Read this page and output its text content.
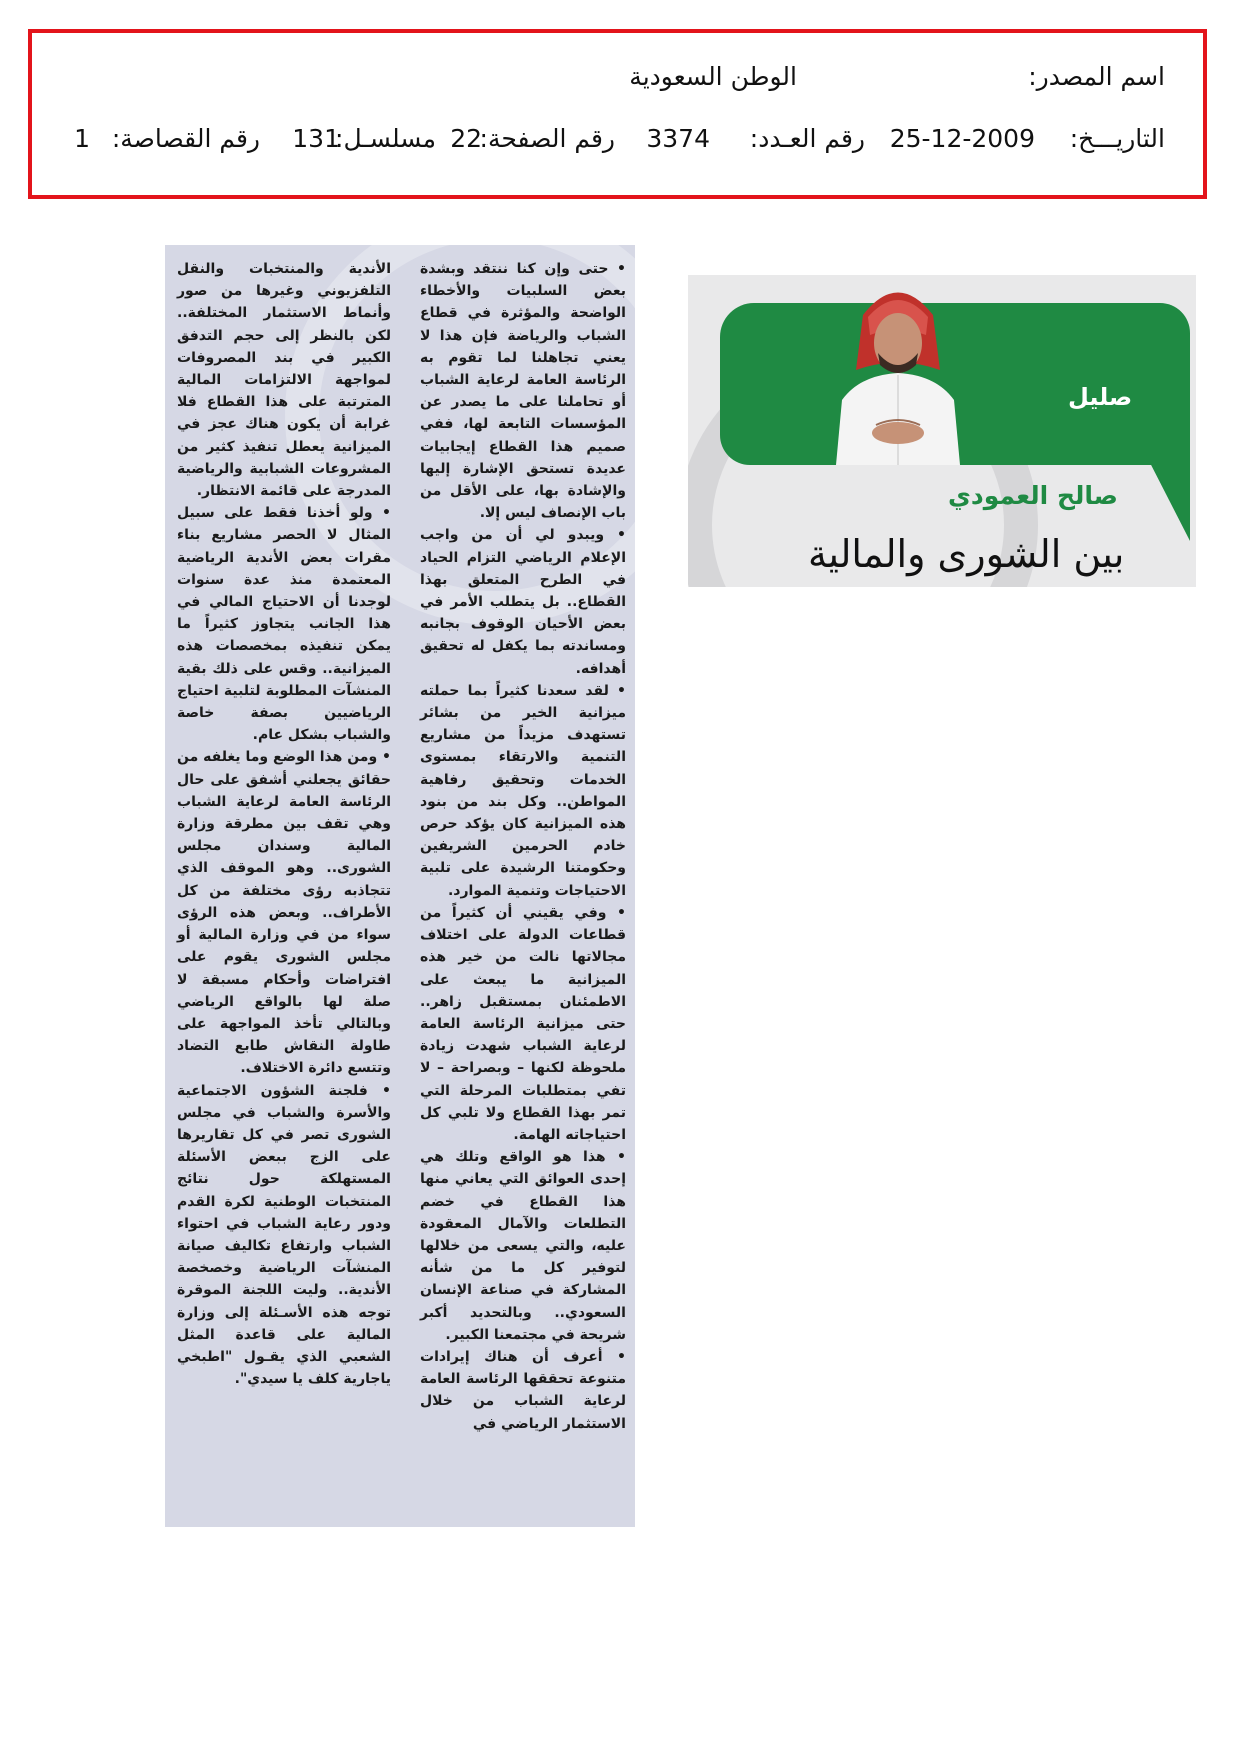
اسم المصدر:
الوطن السعودية
التاريـــخ:
25-12-2009
رقم العـدد:
3374
رقم الصفحة:
22
مسلسـل:
131
رقم القصاصة:
1

• حتى وإن كنا ننتقد وبشدة بعض السلبيات والأخطاء الواضحة والمؤثرة في قطاع الشباب والرياضة فإن هذا لا يعني تجاهلنا لما تقوم به الرئاسة العامة لرعاية الشباب أو تحاملنا على ما يصدر عن المؤسسات التابعة لها، ففي صميم هذا القطاع إيجابيات عديدة تستحق الإشارة إليها والإشادة بها، على الأقل من باب الإنصاف ليس إلا.

• ويبدو لي أن من واجب الإعلام الرياضي التزام الحياد في الطرح المتعلق بهذا القطاع.. بل يتطلب الأمر في بعض الأحيان الوقوف بجانبه ومساندته بما يكفل له تحقيق أهدافه.

• لقد سعدنا كثيراً بما حملته ميزانية الخير من بشائر تستهدف مزيداً من مشاريع التنمية والارتقاء بمستوى الخدمات وتحقيق رفاهية المواطن.. وكل بند من بنود هذه الميزانية كان يؤكد حرص خادم الحرمين الشريفين وحكومتنا الرشيدة على تلبية الاحتياجات وتنمية الموارد.

• وفي يقيني أن كثيراً من قطاعات الدولة على اختلاف مجالاتها نالت من خير هذه الميزانية ما يبعث على الاطمئنان بمستقبل زاهر.. حتى ميزانية الرئاسة العامة لرعاية الشباب شهدت زيادة ملحوظة لكنها – وبصراحة – لا تفي بمتطلبات المرحلة التي تمر بهذا القطاع ولا تلبي كل احتياجاته الهامة.

• هذا هو الواقع وتلك هي إحدى العوائق التي يعاني منها هذا القطاع في خضم التطلعات والآمال المعقودة عليه، والتي يسعى من خلالها لتوفير كل ما من شأنه المشاركة في صناعة الإنسان السعودي.. وبالتحديد أكبر شريحة في مجتمعنا الكبير.

• أعرف أن هناك إيرادات متنوعة تحققها الرئاسة العامة لرعاية الشباب من خلال الاستثمار الرياضي في

الأندية والمنتخبات والنقل التلفزيوني وغيرها من صور وأنماط الاستثمار المختلفة.. لكن بالنظر إلى حجم التدفق الكبير في بند المصروفات لمواجهة الالتزامات المالية المترتبة على هذا القطاع فلا غرابة أن يكون هناك عجز في الميزانية يعطل تنفيذ كثير من المشروعات الشبابية والرياضية المدرجة على قائمة الانتظار.

• ولو أخذنا فقط على سبيل المثال لا الحصر مشاريع بناء مقرات بعض الأندية الرياضية المعتمدة منذ عدة سنوات لوجدنا أن الاحتياج المالي في هذا الجانب يتجاوز كثيراً ما يمكن تنفيذه بمخصصات هذه الميزانية.. وقس على ذلك بقية المنشآت المطلوبة لتلبية احتياج الرياضيين بصفة خاصة والشباب بشكل عام.

• ومن هذا الوضع وما يغلفه من حقائق يجعلني أشفق على حال الرئاسة العامة لرعاية الشباب وهي تقف بين مطرقة وزارة المالية وسندان مجلس الشورى.. وهو الموقف الذي تتجاذبه رؤى مختلفة من كل الأطراف.. وبعض هذه الرؤى سواء من في وزارة المالية أو مجلس الشورى يقوم على افتراضات وأحكام مسبقة لا صلة لها بالواقع الرياضي وبالتالي تأخذ المواجهة على طاولة النقاش طابع التضاد وتتسع دائرة الاختلاف.

• فلجنة الشؤون الاجتماعية والأسرة والشباب في مجلس الشورى تصر في كل تقاريرها على الزج ببعض الأسئلة المستهلكة حول نتائج المنتخبات الوطنية لكرة القدم ودور رعاية الشباب في احتواء الشباب وارتفاع تكاليف صيانة المنشآت الرياضية وخصخصة الأندية.. وليت اللجنة الموقرة توجه هذه الأسـئلة إلى وزارة المالية على قاعدة المثل الشعبي الذي يقـول "اطبخي ياجارية كلف يا سيدي".

صليل
صالح العمودي
بين الشورى والمالية
